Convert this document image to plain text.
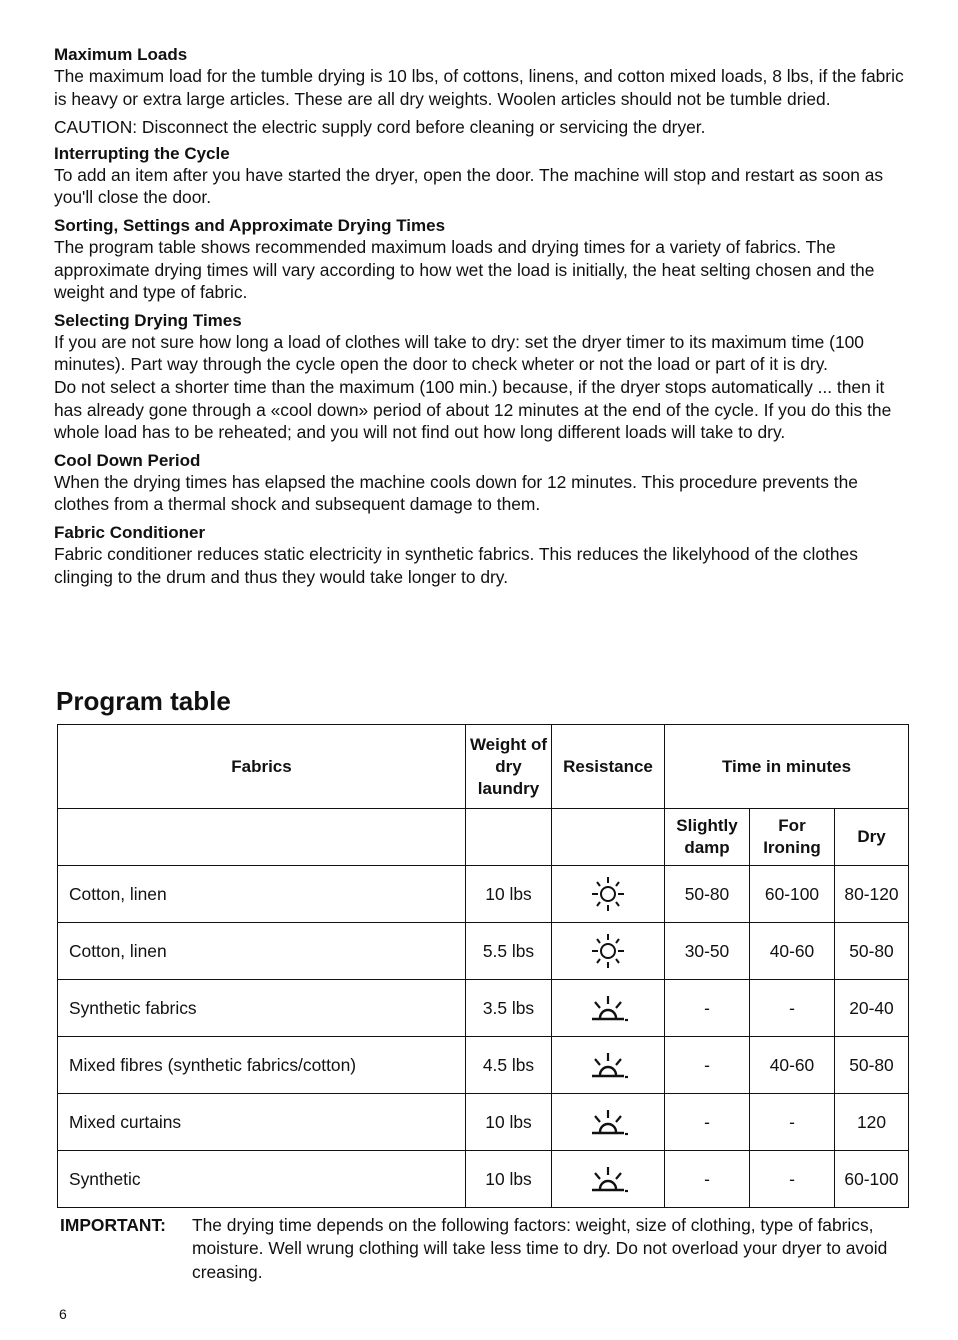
Maximum Loads

The maximum load for the tumble drying is 10 lbs, of cottons, linens, and cotton mixed loads, 8 lbs, if the fabric is heavy or extra large articles. These are all dry weights. Woolen articles should not be tumble dried.

CAUTION: Disconnect the electric supply cord before cleaning or servicing the dryer.

Interrupting the Cycle

To add an item after you have started the dryer, open the door. The machine will stop and restart as soon as you'll close the door.

Sorting, Settings and Approximate Drying Times

The program table shows recommended maximum loads and drying times for a variety of fabrics. The approximate drying times will vary according to how wet the load is initially, the heat selting chosen and the weight and type of fabric.

Selecting Drying Times

If you are not sure how long a load of clothes will take to dry: set the dryer timer to its maximum time (100 minutes). Part way through the cycle open the door to check wheter or not the load or part of it is dry.

Do not select a shorter time than the maximum (100 min.) because, if the dryer stops automatically ... then it has already gone through a «cool down» period of about 12 minutes at the end of the cycle. If you do this the whole load has to be reheated; and you will not find out how long different loads will take to dry.

Cool Down Period

When the drying times has elapsed the machine cools down for 12 minutes. This procedure prevents the clothes from a thermal shock and subsequent damage to them.

Fabric Conditioner

Fabric conditioner reduces static electricity in synthetic fabrics. This reduces the likelyhood of the clothes clinging to the drum and thus they would take longer to dry.

Program table
Fabrics	Weight of dry laundry	Resistance	Time in minutes		
			Slightly damp	For Ironing	Dry
Cotton, linen	10 lbs		50-80	60-100	80-120
Cotton, linen	5.5 lbs		30-50	40-60	50-80
Synthetic fabrics	3.5 lbs		-	-	20-40
Mixed fibres (synthetic fabrics/cotton)	4.5 lbs		-	40-60	50-80
Mixed curtains	10 lbs		-	-	120
Synthetic	10 lbs		-	-	60-100
IMPORTANT: The drying time depends on the following factors: weight, size of clothing, type of fabrics, moisture. Well wrung clothing will take less time to dry. Do not overload your dryer to avoid creasing.
6
